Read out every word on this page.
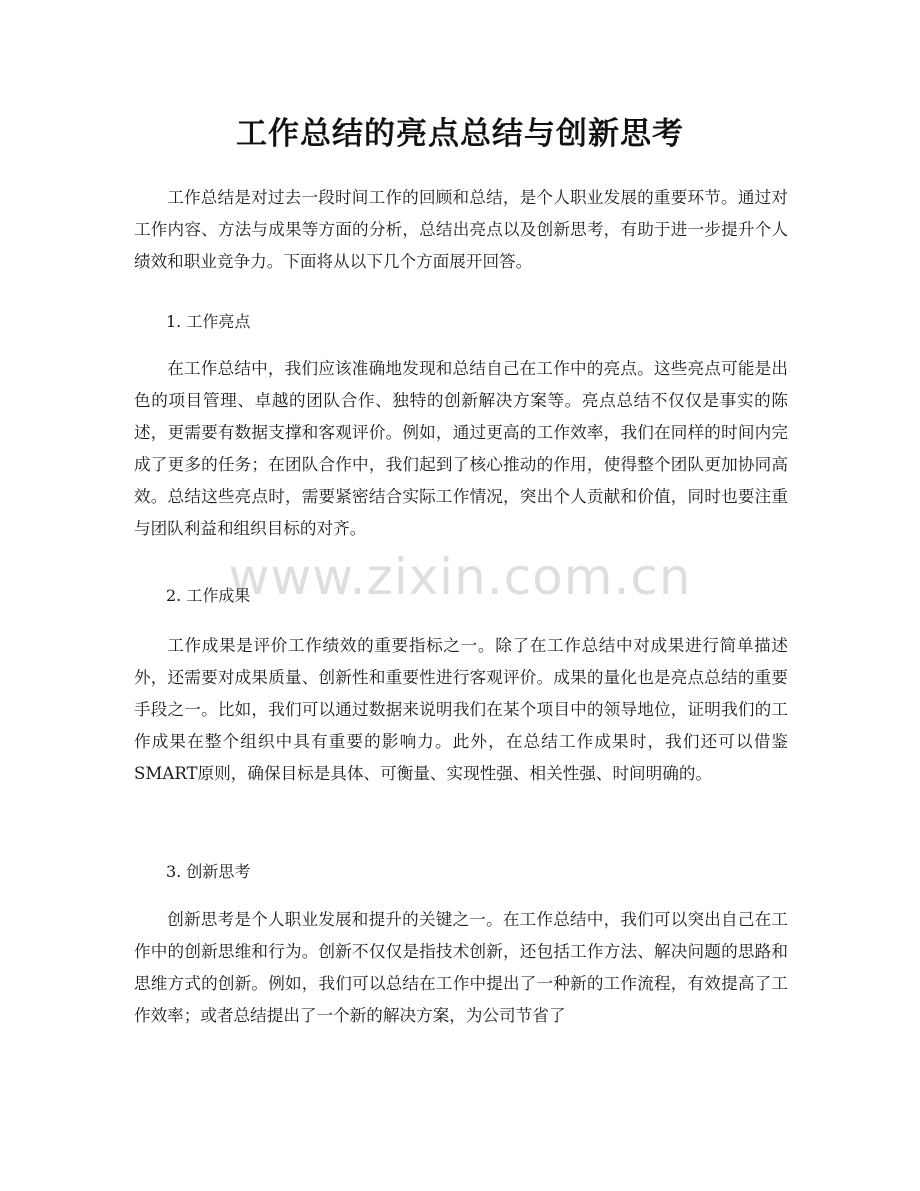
工作总结的亮点总结与创新思考

工作总结是对过去一段时间工作的回顾和总结，是个人职业发展的重要环节。通过对工作内容、方法与成果等方面的分析，总结出亮点以及创新思考，有助于进一步提升个人绩效和职业竞争力。下面将从以下几个方面展开回答。

1. 工作亮点

在工作总结中，我们应该准确地发现和总结自己在工作中的亮点。这些亮点可能是出色的项目管理、卓越的团队合作、独特的创新解决方案等。亮点总结不仅仅是事实的陈述，更需要有数据支撑和客观评价。例如，通过更高的工作效率，我们在同样的时间内完成了更多的任务；在团队合作中，我们起到了核心推动的作用，使得整个团队更加协同高效。总结这些亮点时，需要紧密结合实际工作情况，突出个人贡献和价值，同时也要注重与团队利益和组织目标的对齐。

2. 工作成果

工作成果是评价工作绩效的重要指标之一。除了在工作总结中对成果进行简单描述外，还需要对成果质量、创新性和重要性进行客观评价。成果的量化也是亮点总结的重要手段之一。比如，我们可以通过数据来说明我们在某个项目中的领导地位，证明我们的工作成果在整个组织中具有重要的影响力。此外，在总结工作成果时，我们还可以借鉴SMART原则，确保目标是具体、可衡量、实现性强、相关性强、时间明确的。

3. 创新思考

创新思考是个人职业发展和提升的关键之一。在工作总结中，我们可以突出自己在工作中的创新思维和行为。创新不仅仅是指技术创新，还包括工作方法、解决问题的思路和思维方式的创新。例如，我们可以总结在工作中提出了一种新的工作流程，有效提高了工作效率；或者总结提出了一个新的解决方案，为公司节省了

www.zixin.com.cn
